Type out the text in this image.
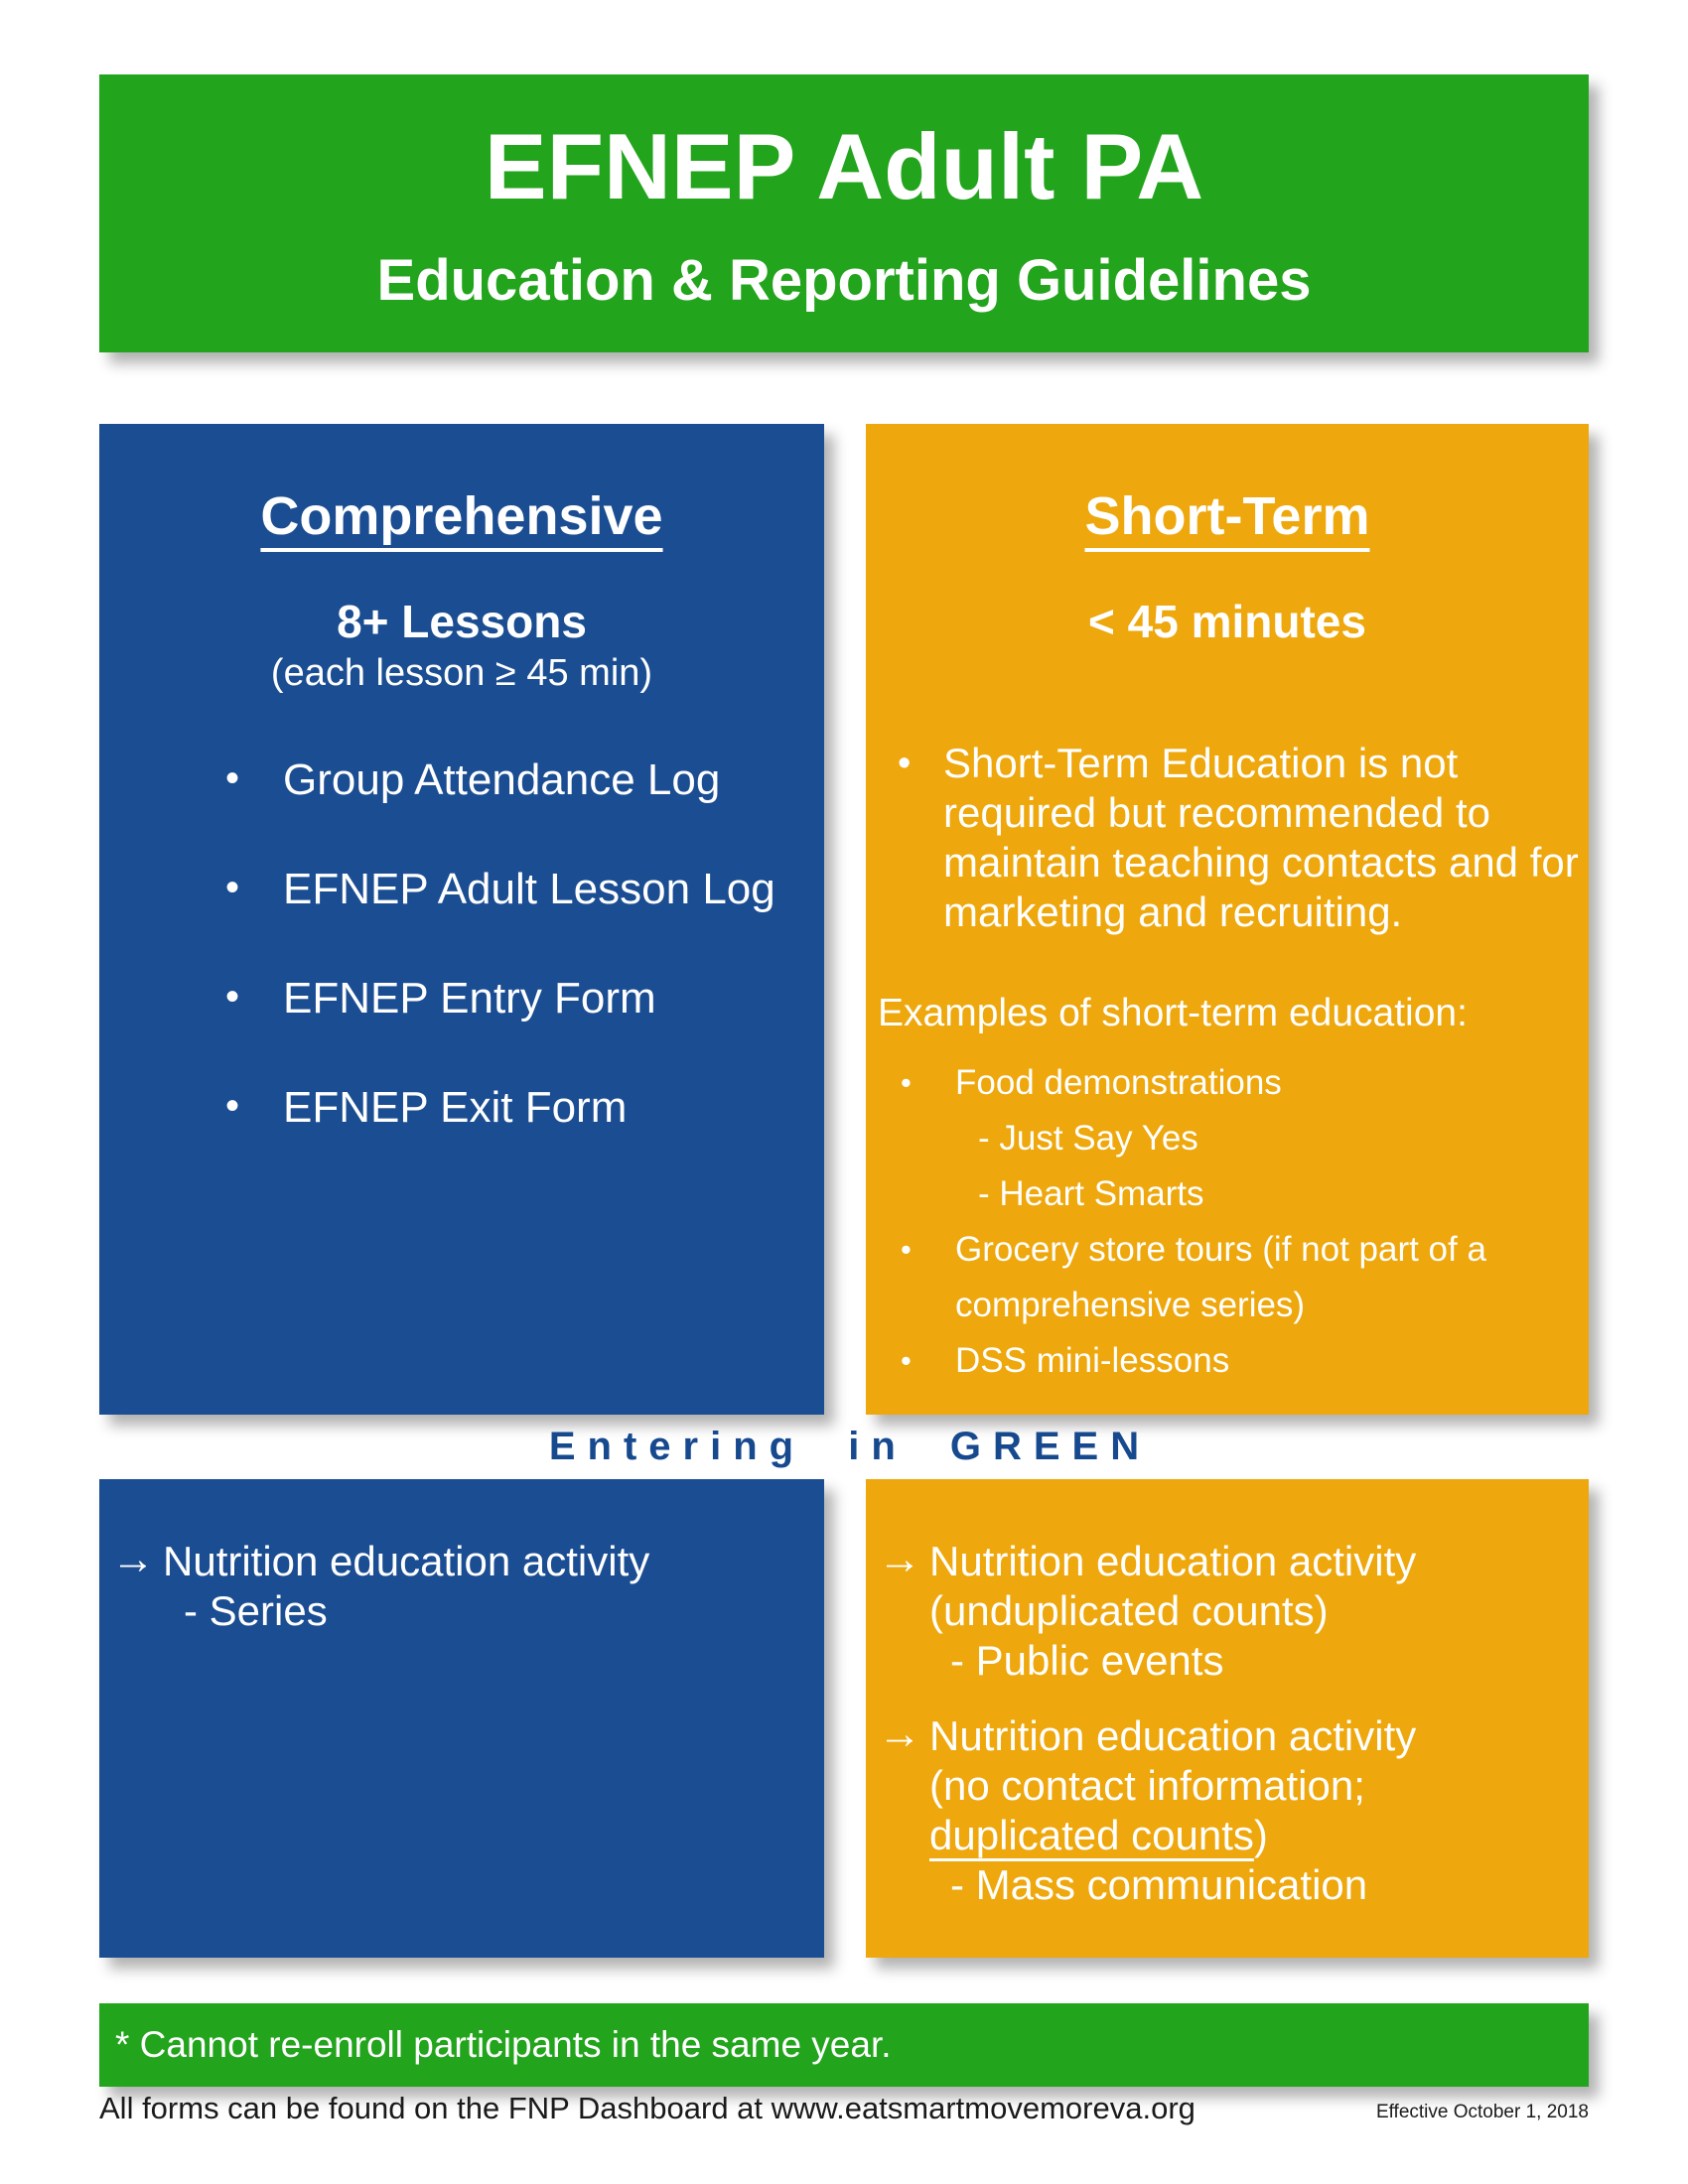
EFNEP Adult PA
Education & Reporting Guidelines
Comprehensive
8+ Lessons
(each lesson ≥ 45 min)
• Group Attendance Log
• EFNEP Adult Lesson Log
• EFNEP Entry Form
• EFNEP Exit Form
Short-Term
< 45 minutes
• Short-Term Education is not required but recommended to maintain teaching contacts and for marketing and recruiting.
Examples of short-term education:
• Food demonstrations
- Just Say Yes
- Heart Smarts
• Grocery store tours (if not part of a comprehensive series)
• DSS mini-lessons
Entering in GREEN
→ Nutrition education activity
- Series
→ Nutrition education activity
(unduplicated counts)
- Public events
→ Nutrition education activity
(no contact information;
duplicated counts)
- Mass communication
* Cannot re-enroll participants in the same year.
All forms can be found on the FNP Dashboard at www.eatsmartmovemoreva.org	Effective October 1, 2018
